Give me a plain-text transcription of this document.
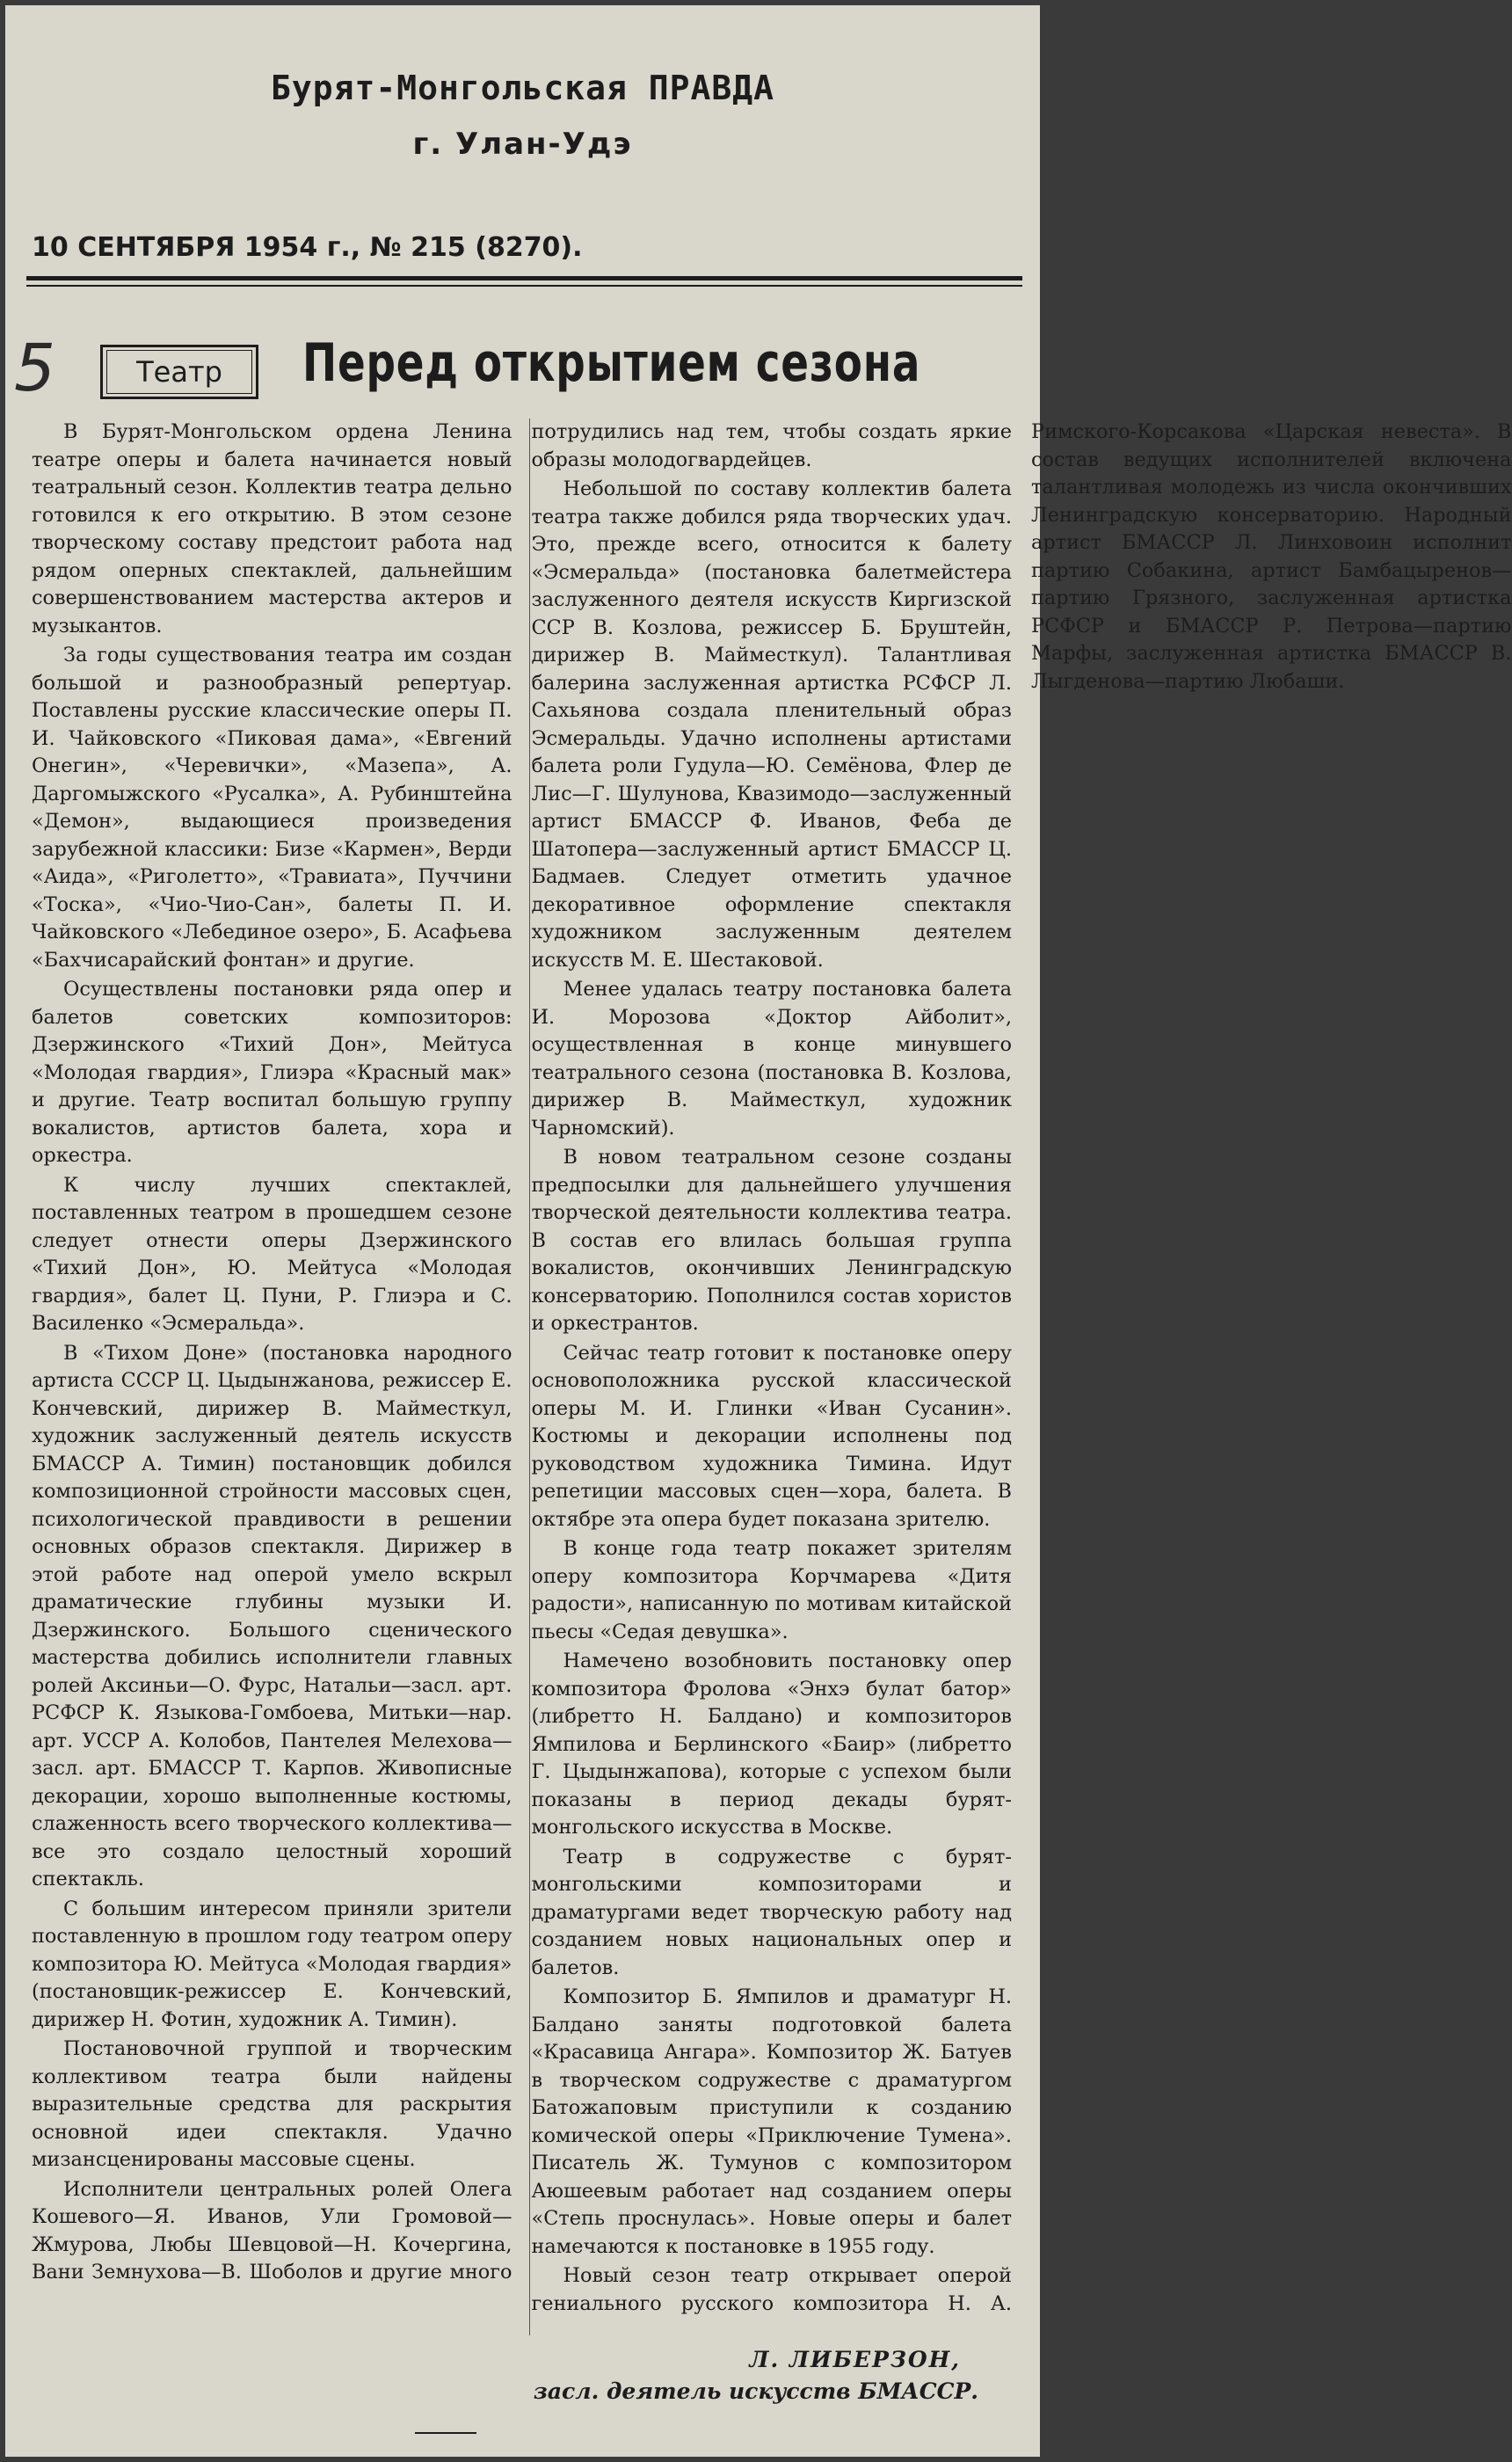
Бурят-Монгольская ПРАВДА
г. Улан-Удэ
10 СЕНТЯБРЯ 1954 г., № 215 (8270).
5	Театр	Перед открытием сезона

В Бурят-Монгольском ордена Ленина театре оперы и балета начинается новый театральный сезон. Коллектив театра дельно готовился к его открытию. В этом сезоне творческому составу предстоит работа над рядом оперных спектаклей, дальнейшим совершенствованием мастерства актеров и музыкантов.

За годы существования театра им создан большой и разнообразный репертуар. Поставлены русские классические оперы П. И. Чайковского «Пиковая дама», «Евгений Онегин», «Черевички», «Мазепа», А. Даргомыжского «Русалка», А. Рубинштейна «Демон», выдающиеся произведения зарубежной классики: Бизе «Кармен», Верди «Аида», «Риголетто», «Травиата», Пуччини «Тоска», «Чио-Чио-Сан», балеты П. И. Чайковского «Лебединое озеро», Б. Асафьева «Бахчисарайский фонтан» и другие.

Осуществлены постановки ряда опер и балетов советских композиторов: Дзержинского «Тихий Дон», Мейтуса «Молодая гвардия», Глиэра «Красный мак» и другие. Театр воспитал большую группу вокалистов, артистов балета, хора и оркестра.

К числу лучших спектаклей, поставленных театром в прошедшем сезоне следует отнести оперы Дзержинского «Тихий Дон», Ю. Мейтуса «Молодая гвардия», балет Ц. Пуни, Р. Глиэра и С. Василенко «Эсмеральда».

В «Тихом Доне» (постановка народного артиста СССР Ц. Цыдынжанова, режиссер Е. Кончевский, дирижер В. Майместкул, художник заслуженный деятель искусств БМАССР А. Тимин) постановщик добился композиционной стройности массовых сцен, психологической правдивости в решении основных образов спектакля. Дирижер в этой работе над оперой умело вскрыл драматические глубины музыки И. Дзержинского. Большого сценического мастерства добились исполнители главных ролей Аксиньи—О. Фурс, Натальи—засл. арт. РСФСР К. Языкова-Гомбоева, Митьки—нар. арт. УССР А. Колобов, Пантелея Мелехова—засл. арт. БМАССР Т. Карпов. Живописные декорации, хорошо выполненные костюмы, слаженность всего творческого коллектива—все это создало целостный хороший спектакль.

С большим интересом приняли зрители поставленную в прошлом году театром оперу композитора Ю. Мейтуса «Молодая гвардия» (постановщик-режиссер Е. Кончевский, дирижер Н. Фотин, художник А. Тимин).

Постановочной группой и творческим коллективом театра были найдены выразительные средства для раскрытия основной идеи спектакля. Удачно мизансценированы массовые сцены.

Исполнители центральных ролей Олега Кошевого—Я. Иванов, Ули Громовой—Жмурова, Любы Шевцовой—Н. Кочергина, Вани Земнухова—В. Шоболов и другие много потрудились над тем, чтобы создать яркие образы молодогвардейцев.

Небольшой по составу коллектив балета театра также добился ряда творческих удач. Это, прежде всего, относится к балету «Эсмеральда» (постановка балетмейстера заслуженного деятеля искусств Киргизской ССР В. Козлова, режиссер Б. Бруштейн, дирижер В. Майместкул). Талантливая балерина заслуженная артистка РСФСР Л. Сахьянова создала пленительный образ Эсмеральды. Удачно исполнены артистами балета роли Гудула—Ю. Семёнова, Флер де Лис—Г. Шулунова, Квазимодо—заслуженный артист БМАССР Ф. Иванов, Феба де Шатопера—заслуженный артист БМАССР Ц. Бадмаев. Следует отметить удачное декоративное оформление спектакля художником заслуженным деятелем искусств М. Е. Шестаковой.

Менее удалась театру постановка балета И. Морозова «Доктор Айболит», осуществленная в конце минувшего театрального сезона (постановка В. Козлова, дирижер В. Майместкул, художник Чарномский).

В новом театральном сезоне созданы предпосылки для дальнейшего улучшения творческой деятельности коллектива театра. В состав его влилась большая группа вокалистов, окончивших Ленинградскую консерваторию. Пополнился состав хористов и оркестрантов.

Сейчас театр готовит к постановке оперу основоположника русской классической оперы М. И. Глинки «Иван Сусанин». Костюмы и декорации исполнены под руководством художника Тимина. Идут репетиции массовых сцен—хора, балета. В октябре эта опера будет показана зрителю.

В конце года театр покажет зрителям оперу композитора Корчмарева «Дитя радости», написанную по мотивам китайской пьесы «Седая девушка».

Намечено возобновить постановку опер композитора Фролова «Энхэ булат батор» (либретто Н. Балдано) и композиторов Ямпилова и Берлинского «Баир» (либретто Г. Цыдынжапова), которые с успехом были показаны в период декады бурят-монгольского искусства в Москве.

Театр в содружестве с бурят-монгольскими композиторами и драматургами ведет творческую работу над созданием новых национальных опер и балетов.

Композитор Б. Ямпилов и драматург Н. Балдано заняты подготовкой балета «Красавица Ангара». Композитор Ж. Батуев в творческом содружестве с драматургом Батожаповым приступили к созданию комической оперы «Приключение Тумена». Писатель Ж. Тумунов с композитором Аюшеевым работает над созданием оперы «Степь проснулась». Новые оперы и балет намечаются к постановке в 1955 году.

Новый сезон театр открывает оперой гениального русского композитора Н. А. Римского-Корсакова «Царская невеста». В состав ведущих исполнителей включена талантливая молодежь из числа окончивших Ленинградскую консерваторию. Народный артист БМАССР Л. Линховоин исполнит партию Собакина, артист Бамбацыренов—партию Грязного, заслуженная артистка РСФСР и БМАССР Р. Петрова—партию Марфы, заслуженная артистка БМАССР В. Лыгденова—партию Любаши.

Л. ЛИБЕРЗОН,
засл. деятель искусств БМАССР.
